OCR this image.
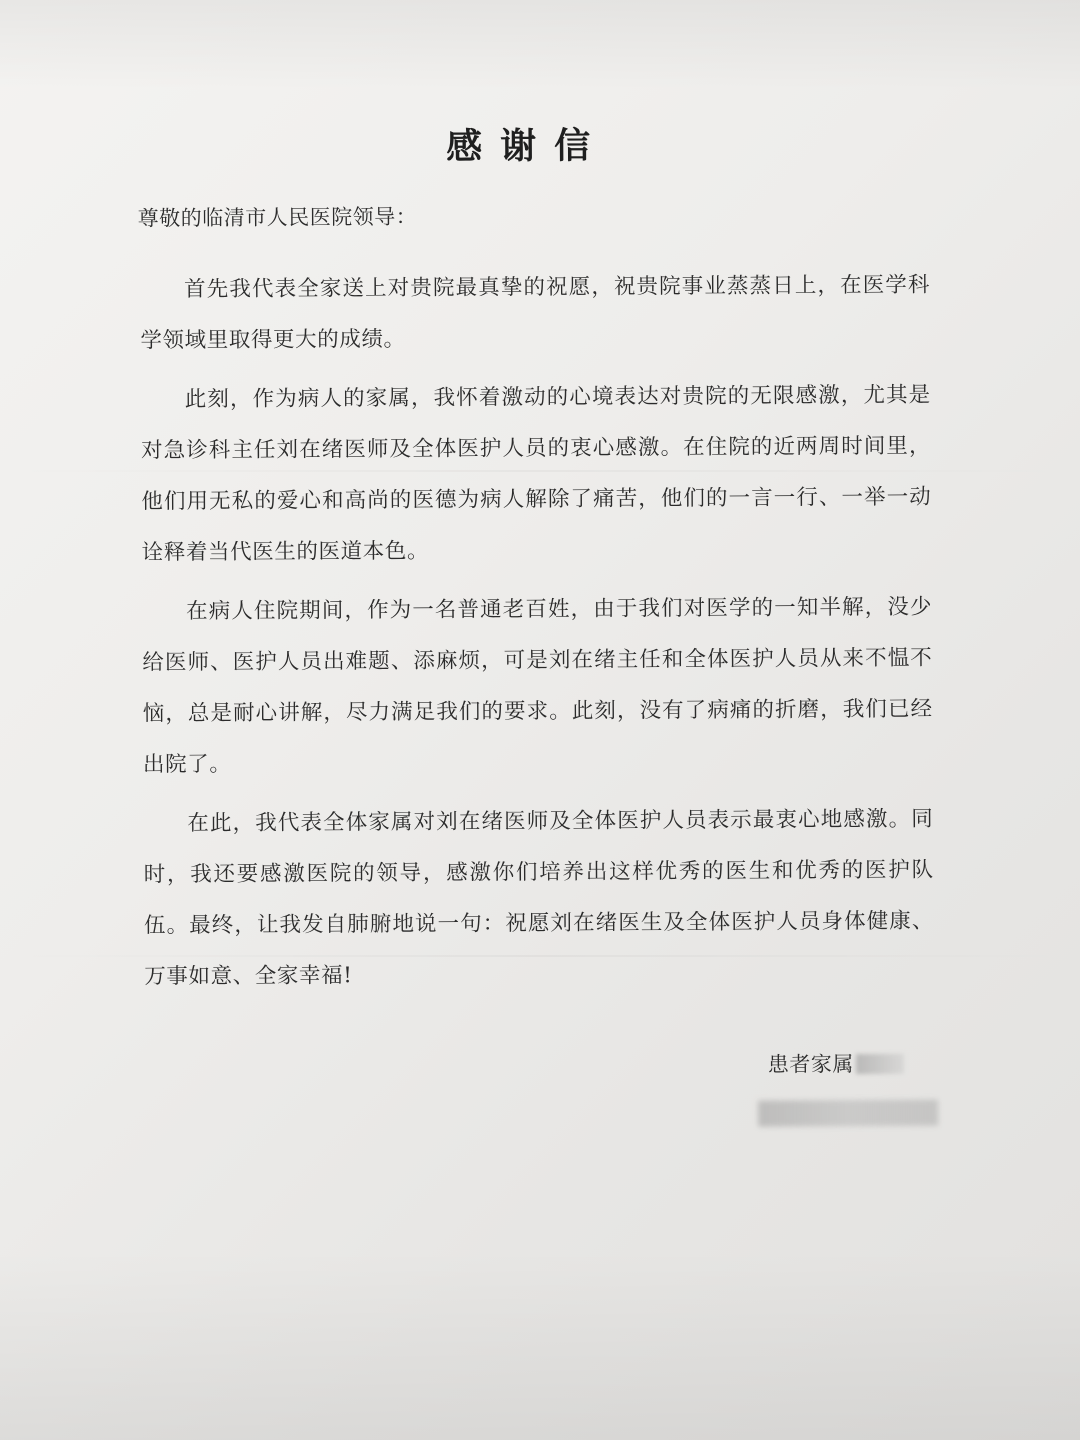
感谢信
尊敬的临清市人民医院领导：

首先我代表全家送上对贵院最真挚的祝愿，祝贵院事业蒸蒸日上，在医学科学领域里取得更大的成绩。

此刻，作为病人的家属，我怀着激动的心境表达对贵院的无限感激，尤其是对急诊科主任刘在绪医师及全体医护人员的衷心感激。在住院的近两周时间里，他们用无私的爱心和高尚的医德为病人解除了痛苦，他们的一言一行、一举一动诠释着当代医生的医道本色。

在病人住院期间，作为一名普通老百姓，由于我们对医学的一知半解，没少给医师、医护人员出难题、添麻烦，可是刘在绪主任和全体医护人员从来不愠不恼，总是耐心讲解，尽力满足我们的要求。此刻，没有了病痛的折磨，我们已经出院了。

在此，我代表全体家属对刘在绪医师及全体医护人员表示最衷心地感激。同时，我还要感激医院的领导，感激你们培养出这样优秀的医生和优秀的医护队伍。最终，让我发自肺腑地说一句：祝愿刘在绪医生及全体医护人员身体健康、万事如意、全家幸福!

患者家属
